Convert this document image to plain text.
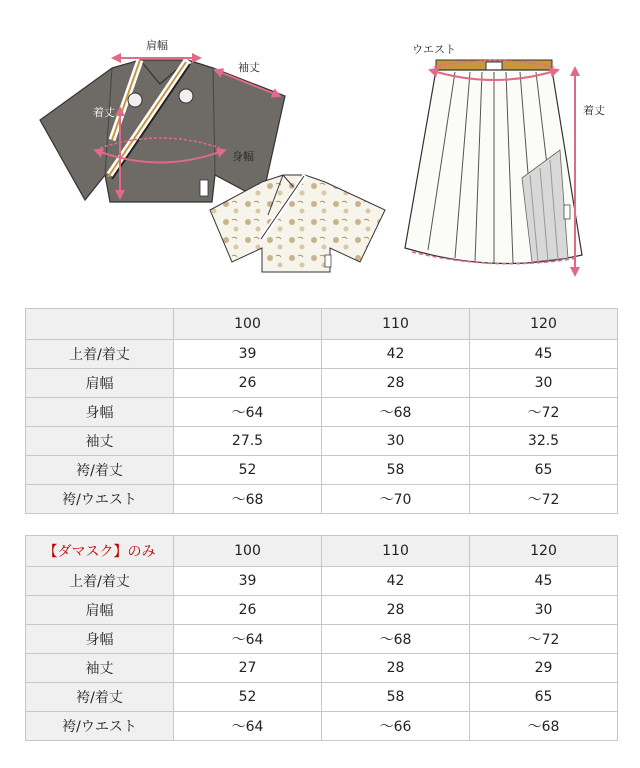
肩幅
袖丈
着丈
身幅
ウエスト
着丈
	100	110	120
上着/着丈	39	42	45
肩幅	26	28	30
身幅	～64	～68	～72
袖丈	27.5	30	32.5
袴/着丈	52	58	65
袴/ウエスト	～68	～70	～72
【ダマスク】のみ	100	110	120
上着/着丈	39	42	45
肩幅	26	28	30
身幅	～64	～68	～72
袖丈	27	28	29
袴/着丈	52	58	65
袴/ウエスト	～64	～66	～68
